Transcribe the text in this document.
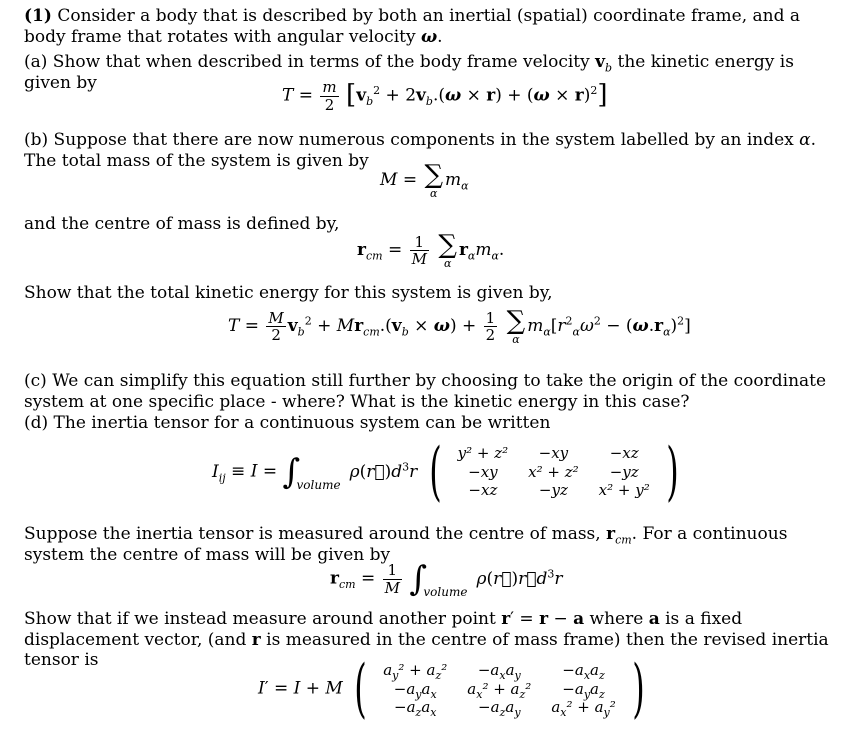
(1) Consider a body that is described by both an inertial (spatial) coordinate frame, and a body frame that rotates with angular velocity ω.

(a) Show that when described in terms of the body frame velocity $v_b$ the kinetic energy is given by

$T = \frac{m}{2} [v_b^2 + 2v_b.(\omega \times r) + (\omega \times r)^2]$

(b) Suppose that there are now numerous components in the system labelled by an index α. The total mass of the system is given by

M = ∑
α
$m_\alpha$

and the centre of mass is defined by,

$r_{cm} = \frac{1}{M}$
∑
α
$r_\alpha m_\alpha$.

Show that the total kinetic energy for this system is given by,

$T = \frac{M}{2} v_b^2 + Mr_{cm}.(v_b \times \omega) + \frac{1}{2}$
∑
α
$m_\alpha[r^2_\alpha\omega^2 - (\omega.r_\alpha)^2]$

(c) We can simplify this equation still further by choosing to take the origin of the coordinate system at one specific place - where? What is the kinetic energy in this case?

(d) The inertia tensor for a continuous system can be written

$I_{ij} \equiv I$ = ∫
volume
$\rho(r⃗)d^3r$ ( y² + z²	−xy	−xz
−xy	x² + z²	−yz
−xz	−yz	x² + y² )

Suppose the inertia tensor is measured around the centre of mass, $r_{cm}$. For a continuous system the centre of mass will be given by

$r_{cm} = \frac{1}{M}$ ∫
volume
$\rho(r⃗)r⃗d^3r$

Show that if we instead measure around another point r′ = r − a where a is a fixed displacement vector, (and r is measured in the centre of mass frame) then the revised inertia tensor is

I′ = I + M ( $a_y^2 + a_z^2$	$-a_xa_y$	$-a_xa_z$
$-a_ya_x$	$a_x^2 + a_z^2$	$-a_ya_z$
$-a_za_x$	$-a_za_y$	$a_x^2 + a_y^2$ )
